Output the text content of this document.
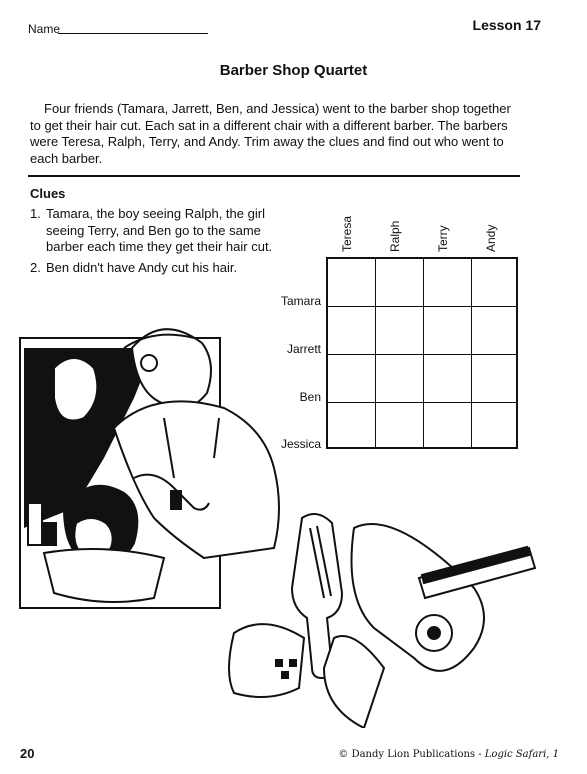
Name	Lesson 17
Barber Shop Quartet
Four friends (Tamara, Jarrett, Ben, and Jessica) went to the barber shop together to get their hair cut. Each sat in a different chair with a different barber. The barbers were Teresa, Ralph, Terry, and Andy. Trim away the clues and find out who went to each barber.
Clues
1. Tamara, the boy seeing Ralph, the girl seeing Terry, and Ben go to the same barber each time they get their hair cut.
2. Ben didn't have Andy cut his hair.
Teresa	Ralph	Terry	Andy
Tamara
Jarrett
Ben
Jessica
20	© Dandy Lion Publications - Logic Safari, 1
